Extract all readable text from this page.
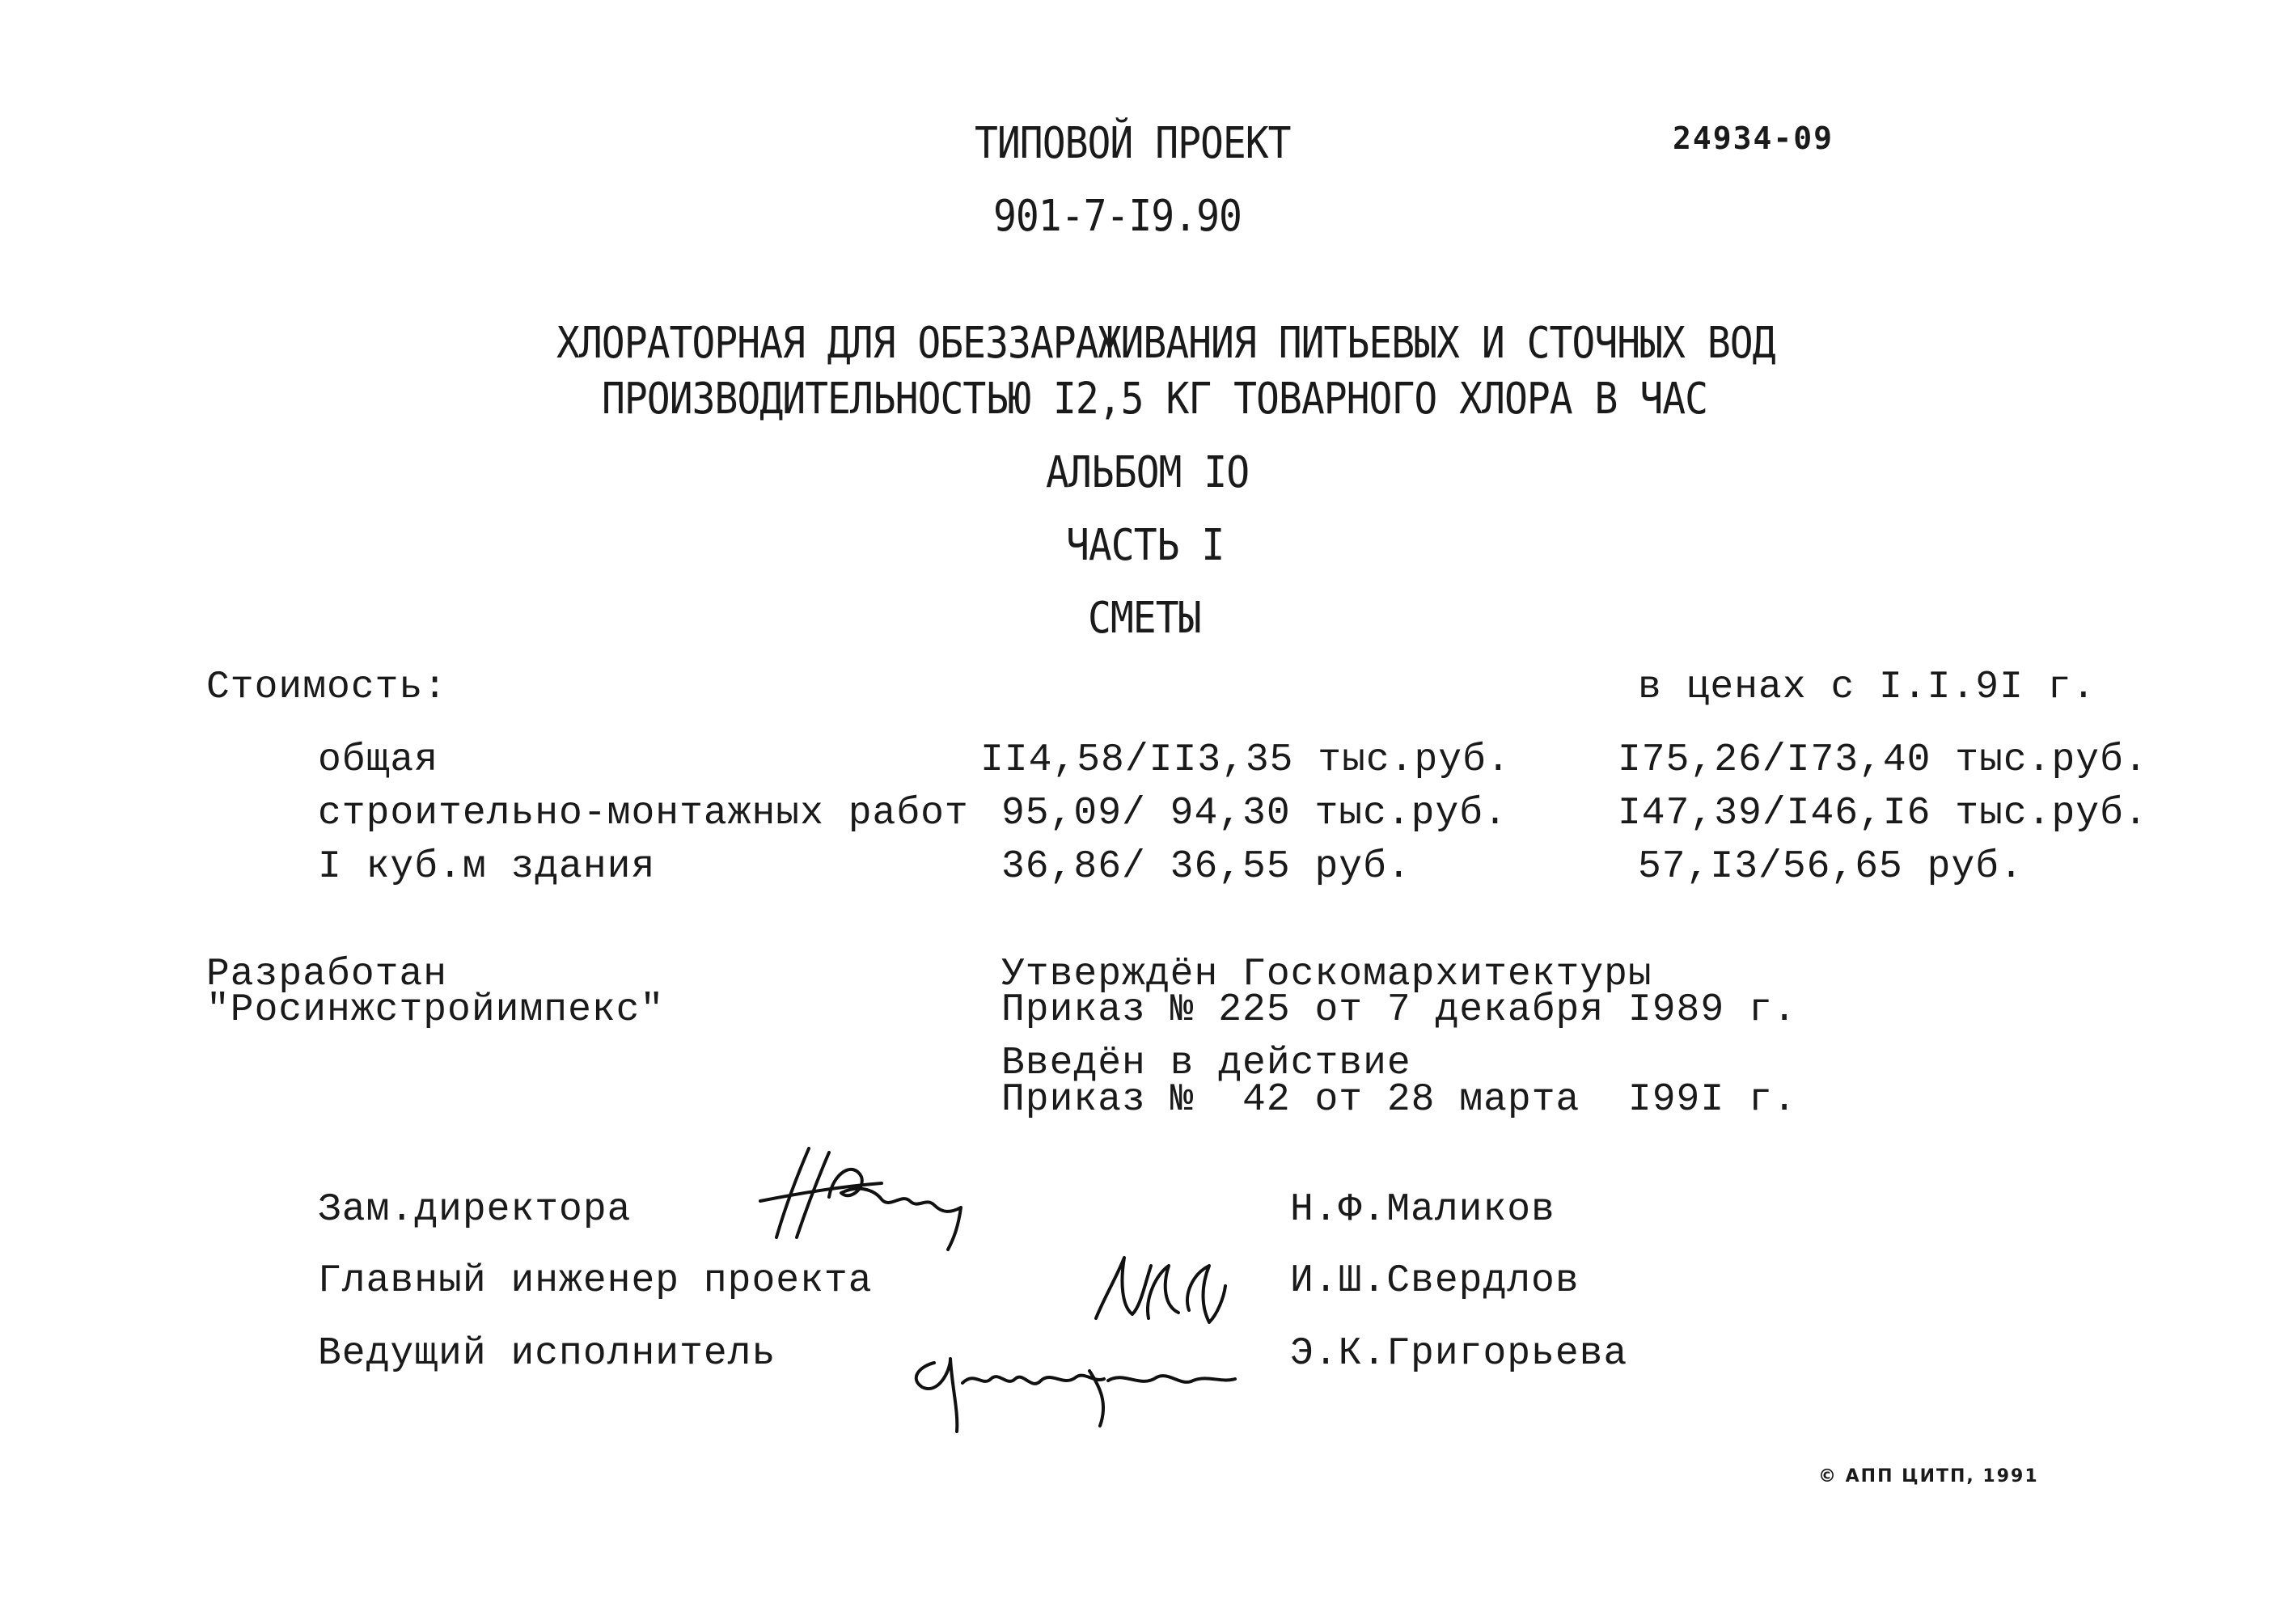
ТИПОВОЙ ПРОЕКТ	24934-09
901-7-I9.90
ХЛОРАТОРНАЯ ДЛЯ ОБЕЗЗАРАЖИВАНИЯ ПИТЬЕВЫХ И СТОЧНЫХ ВОД
ПРОИЗВОДИТЕЛЬНОСТЬЮ I2,5 КГ ТОВАРНОГО ХЛОРА В ЧАС
АЛЬБОМ IO
ЧАСТЬ I
СМЕТЫ
Стоимость:	в ценах с I.I.9I г.
общая	II4,58/II3,35 тыс.руб.	I75,26/I73,40 тыс.руб.
строительно-монтажных работ 95,09/ 94,30 тыс.руб.	I47,39/I46,I6 тыс.руб.
I куб.м здания	36,86/ 36,55 руб.	57,I3/56,65 руб.
Разработан
"Росинжстройимпекс"
Утверждён Госкомархитектуры
Приказ № 225 от 7 декабря I989 г.
Введён в действие
Приказ №  42 от 28 марта  I99I г.
Зам.директора	Н.Ф.Маликов
Главный инженер проекта	И.Ш.Свердлов
Ведущий исполнитель	Э.К.Григорьева
© АПП ЦИТП, 1991
